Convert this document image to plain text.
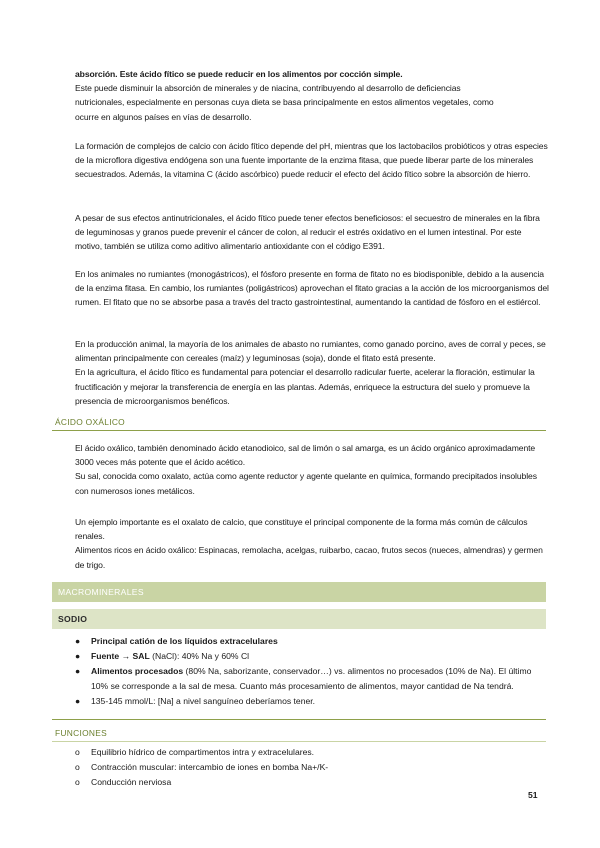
absorción. Este ácido fítico se puede reducir en los alimentos por cocción simple.

Este puede disminuir la absorción de minerales y de niacina, contribuyendo al desarrollo de deficiencias

nutricionales, especialmente en personas cuya dieta se basa principalmente en estos alimentos vegetales, como

ocurre en algunos países en vías de desarrollo.

La formación de complejos de calcio con ácido fítico depende del pH, mientras que los lactobacilos probióticos y otras especies de la microflora digestiva endógena son una fuente importante de la enzima fitasa, que puede liberar parte de los minerales secuestrados. Además, la vitamina C (ácido ascórbico) puede reducir el efecto del ácido fítico sobre la absorción de hierro.

A pesar de sus efectos antinutricionales, el ácido fítico puede tener efectos beneficiosos: el secuestro de minerales en la fibra de leguminosas y granos puede prevenir el cáncer de colon, al reducir el estrés oxidativo en el lumen intestinal. Por este motivo, también se utiliza como aditivo alimentario antioxidante con el código E391.

En los animales no rumiantes (monogástricos), el fósforo presente en forma de fitato no es biodisponible, debido a la ausencia de la enzima fitasa. En cambio, los rumiantes (poligástricos) aprovechan el fitato gracias a la acción de los microorganismos del rumen. El fitato que no se absorbe pasa a través del tracto gastrointestinal, aumentando la cantidad de fósforo en el estiércol.

En la producción animal, la mayoría de los animales de abasto no rumiantes, como ganado porcino, aves de corral y peces, se alimentan principalmente con cereales (maíz) y leguminosas (soja), donde el fitato está presente.

En la agricultura, el ácido fítico es fundamental para potenciar el desarrollo radicular fuerte, acelerar la floración, estimular la fructificación y mejorar la transferencia de energía en las plantas. Además, enriquece la estructura del suelo y promueve la presencia de microorganismos benéficos.

ÁCIDO OXÁLICO

El ácido oxálico, también denominado ácido etanodioico, sal de limón o sal amarga, es un ácido orgánico aproximadamente 3000 veces más potente que el ácido acético.

Su sal, conocida como oxalato, actúa como agente reductor y agente quelante en química, formando precipitados insolubles con numerosos iones metálicos.

Un ejemplo importante es el oxalato de calcio, que constituye el principal componente de la forma más común de cálculos renales.

Alimentos ricos en ácido oxálico: Espinacas, remolacha, acelgas, ruibarbo, cacao, frutos secos (nueces, almendras) y germen de trigo.

MACROMINERALES
SODIO
● Principal catión de los líquidos extracelulares
● Fuente → SAL (NaCl): 40% Na y 60% Cl
● Alimentos procesados (80% Na, saborizante, conservador…) vs. alimentos no procesados (10% de Na). El último 10% se corresponde a la sal de mesa. Cuanto más procesamiento de alimentos, mayor cantidad de Na tendrá.
● 135-145 mmol/L: [Na] a nivel sanguíneo deberíamos tener.
FUNCIONES
o Equilibrio hídrico de compartimentos intra y extracelulares.
o Contracción muscular: intercambio de iones en bomba Na+/K-
o Conducción nerviosa
51
